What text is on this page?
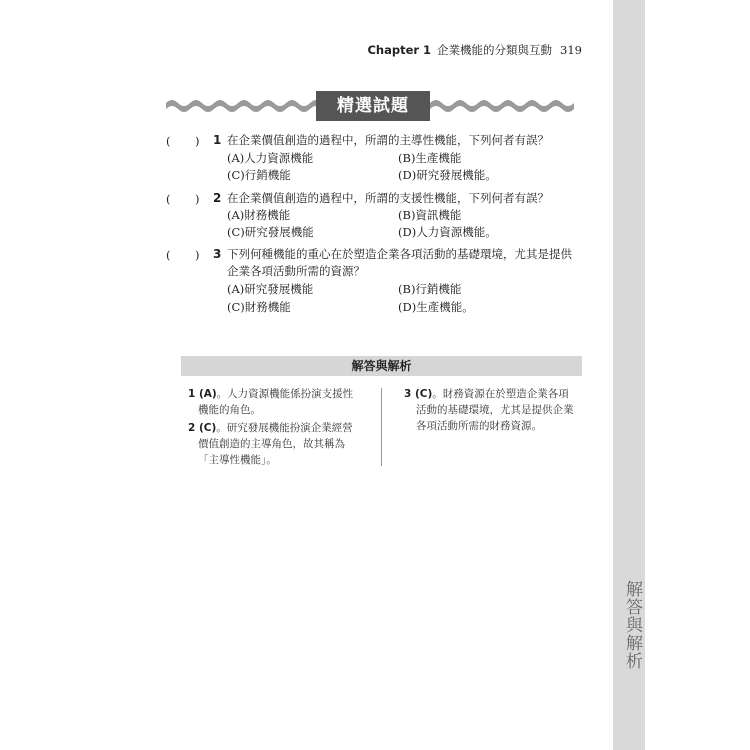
解答與解析
Chapter 1 企業機能的分類與互動 319
精選試題
( ) 1 在企業價值創造的過程中，所謂的主導性機能，下列何者有誤？
(A)人力資源機能	(B)生產機能
(C)行銷機能	(D)研究發展機能。
( ) 2 在企業價值創造的過程中，所謂的支援性機能，下列何者有誤？
(A)財務機能	(B)資訊機能
(C)研究發展機能	(D)人力資源機能。
( ) 3 下列何種機能的重心在於塑造企業各項活動的基礎環境，尤其是提供
企業各項活動所需的資源？
(A)研究發展機能	(B)行銷機能
(C)財務機能	(D)生產機能。
解答與解析
1 (A)。人力資源機能係扮演支援性
機能的角色。
2 (C)。研究發展機能扮演企業經營
價值創造的主導角色，故其稱為
「主導性機能」。
3 (C)。財務資源在於塑造企業各項
活動的基礎環境，尤其是提供企業
各項活動所需的財務資源。
